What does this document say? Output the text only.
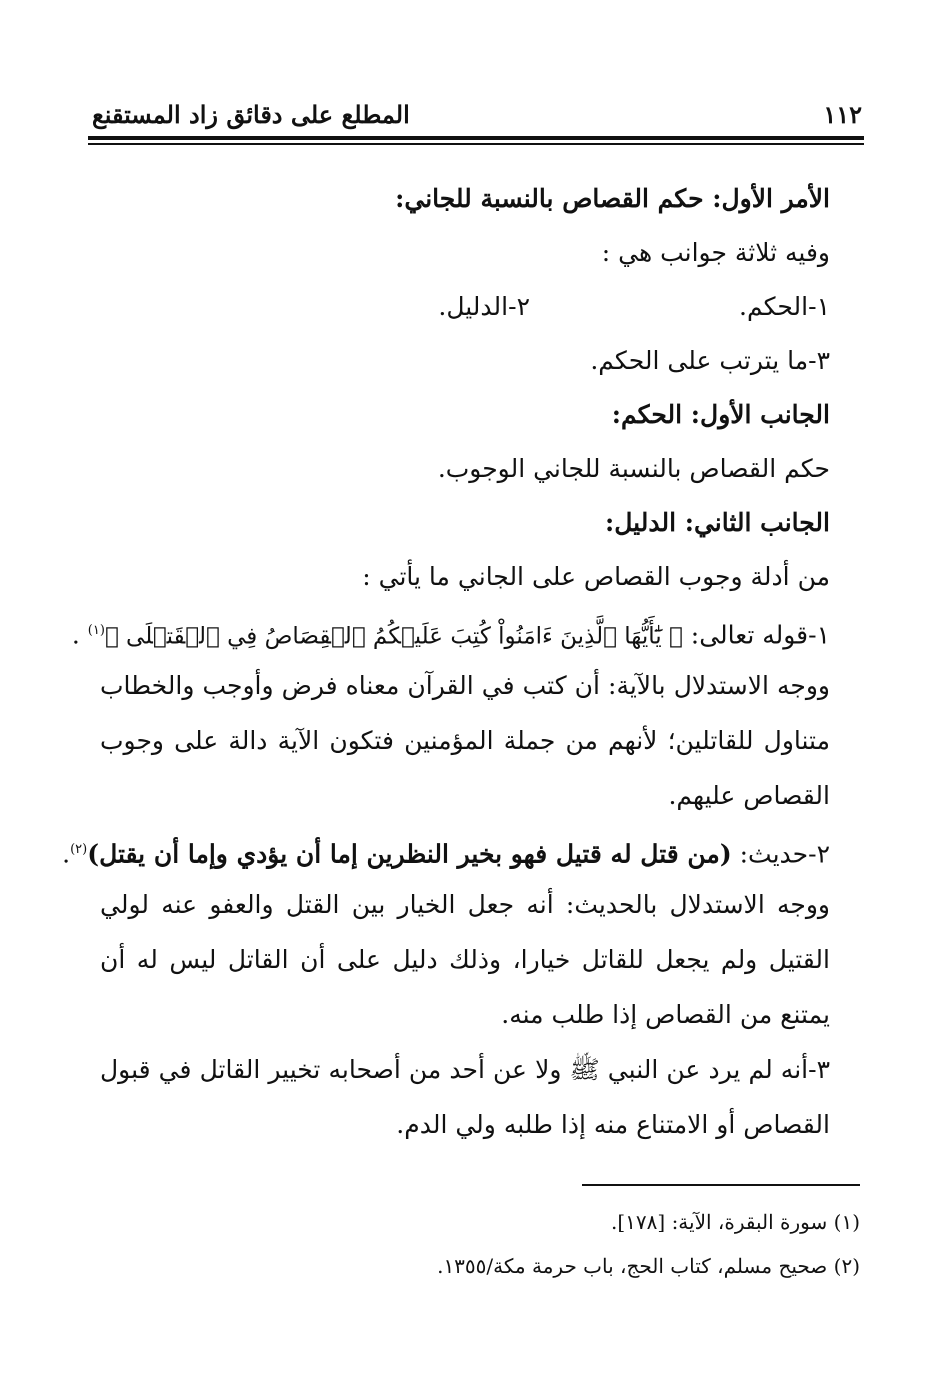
١١٢
المطلع على دقائق زاد المستقنع
الأمر الأول: حكم القصاص بالنسبة للجاني:
وفيه ثلاثة جوانب هي :
١-الحكم.
٢-الدليل.
٣-ما يترتب على الحكم.
الجانب الأول: الحكم:
حكم القصاص بالنسبة للجاني الوجوب.
الجانب الثاني: الدليل:
من أدلة وجوب القصاص على الجاني ما يأتي :
١-قوله تعالى: ﴿ يَٰٓأَيُّهَا ٱلَّذِينَ ءَامَنُواْ كُتِبَ عَلَيۡكُمُ ٱلۡقِصَاصُ فِي ٱلۡقَتۡلَى ﴾$^{(١)}$ .
ووجه الاستدلال بالآية: أن كتب في القرآن معناه فرض وأوجب والخطاب متناول للقاتلين؛ لأنهم من جملة المؤمنين فتكون الآية دالة على وجوب القصاص عليهم.
٢-حديث: (من قتل له قتيل فهو بخير النظرين إما أن يؤدي وإما أن يقتل)$^{(٢)}$.
ووجه الاستدلال بالحديث: أنه جعل الخيار بين القتل والعفو عنه لولي القتيل ولم يجعل للقاتل خيارا، وذلك دليل على أن القاتل ليس له أن يمتنع من القصاص إذا طلب منه.
٣-أنه لم يرد عن النبي ﷺ ولا عن أحد من أصحابه تخيير القاتل في قبول القصاص أو الامتناع منه إذا طلبه ولي الدم.
(١) سورة البقرة، الآية: [١٧٨].
(٢) صحيح مسلم، كتاب الحج، باب حرمة مكة/١٣٥٥.
